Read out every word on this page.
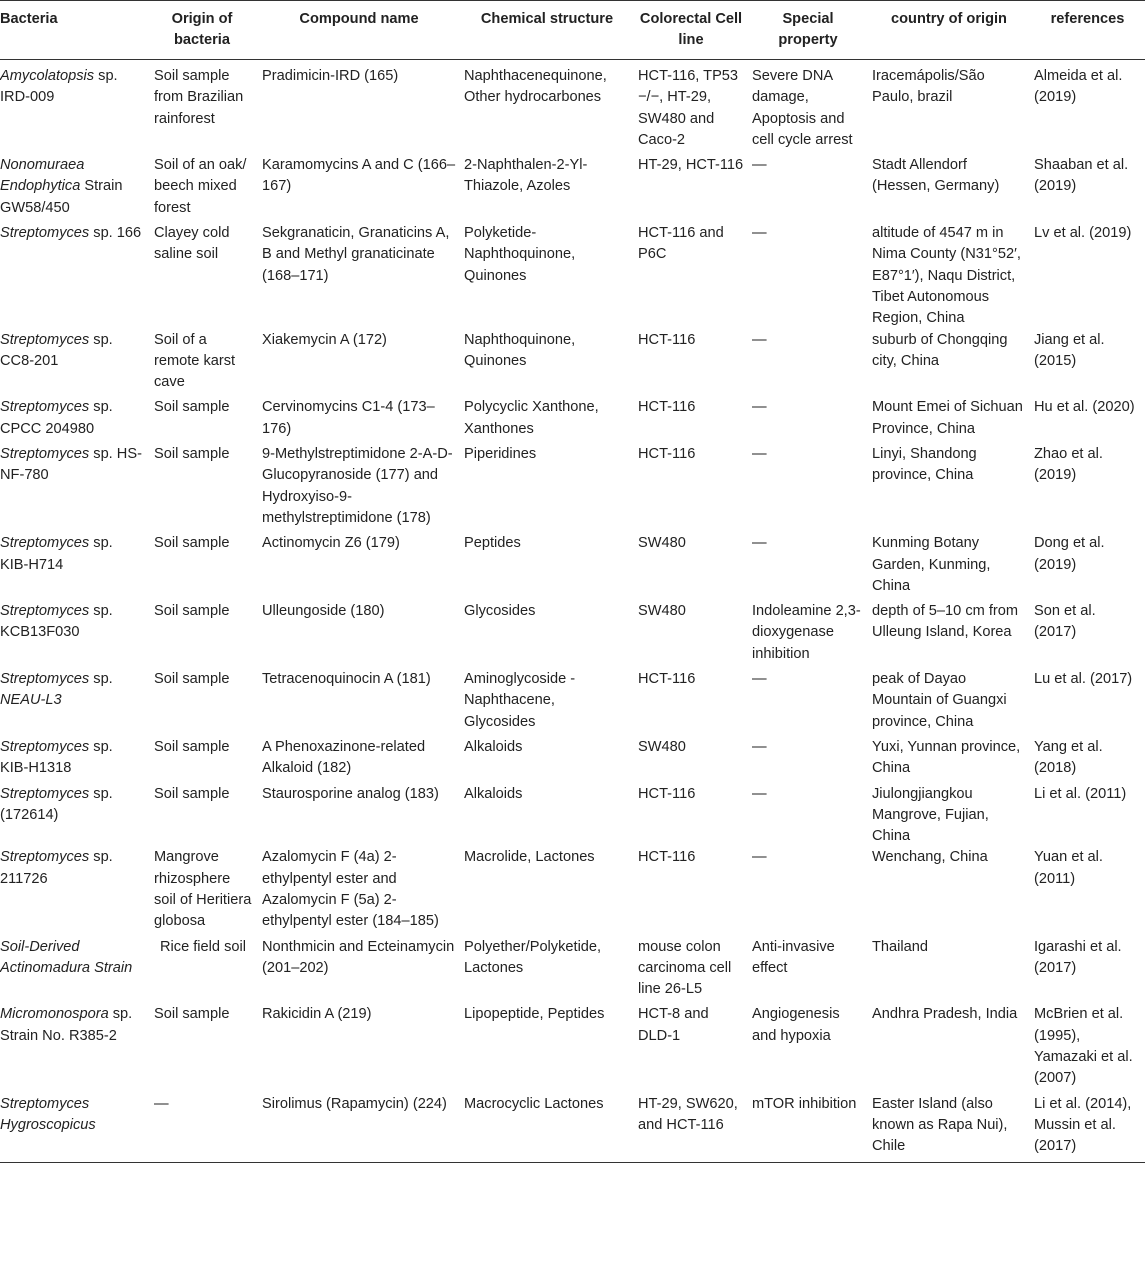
Bacteria	Origin of bacteria	Compound name	Chemical structure	Colorectal Cell line	Special property	country of origin	references
Amycolatopsis sp. IRD-009	Soil sample from Brazilian rainforest	Pradimicin-IRD (165)	Naphthacenequinone, Other hydrocarbones	HCT-116, TP53 −/−, HT-29, SW480 and Caco-2	Severe DNA damage, Apoptosis and cell cycle arrest	Iracemápolis/São Paulo, brazil	Almeida et al. (2019)
Nonomuraea Endophytica Strain GW58/450	Soil of an oak/ beech mixed forest	Karamomycins A and C (166–167)	2-Naphthalen-2-Yl-Thiazole, Azoles	HT-29, HCT-116	—	Stadt Allendorf (Hessen, Germany)	Shaaban et al. (2019)
Streptomyces sp. 166	Clayey cold saline soil	Sekgranaticin, Granaticins A, B and Methyl granaticinate (168–171)	Polyketide-Naphthoquinone, Quinones	HCT-116 and P6C	—	altitude of 4547 m in Nima County (N31°52′, E87°1′), Naqu District, Tibet Autonomous Region, China	Lv et al. (2019)
Streptomyces sp. CC8-201	Soil of a remote karst cave	Xiakemycin A (172)	Naphthoquinone, Quinones	HCT-116	—	suburb of Chongqing city, China	Jiang et al. (2015)
Streptomyces sp. CPCC 204980	Soil sample	Cervinomycins C1-4 (173–176)	Polycyclic Xanthone, Xanthones	HCT-116	—	Mount Emei of Sichuan Province, China	Hu et al. (2020)
Streptomyces sp. HS-NF-780	Soil sample	9-Methylstreptimidone 2-A-D-Glucopyranoside (177) and Hydroxyiso-9-methylstreptimidone (178)	Piperidines	HCT-116	—	Linyi, Shandong province, China	Zhao et al. (2019)
Streptomyces sp. KIB-H714	Soil sample	Actinomycin Z6 (179)	Peptides	SW480	—	Kunming Botany Garden, Kunming, China	Dong et al. (2019)
Streptomyces sp. KCB13F030	Soil sample	Ulleungoside (180)	Glycosides	SW480	Indoleamine 2,3-dioxygenase inhibition	depth of 5–10 cm from Ulleung Island, Korea	Son et al. (2017)
Streptomyces sp. NEAU-L3	Soil sample	Tetracenoquinocin A (181)	Aminoglycoside -Naphthacene, Glycosides	HCT-116	—	peak of Dayao Mountain of Guangxi province, China	Lu et al. (2017)
Streptomyces sp. KIB-H1318	Soil sample	A Phenoxazinone-related Alkaloid (182)	Alkaloids	SW480	—	Yuxi, Yunnan province, China	Yang et al. (2018)
Streptomyces sp. (172614)	Soil sample	Staurosporine analog (183)	Alkaloids	HCT-116	—	Jiulongjiangkou Mangrove, Fujian, China	Li et al. (2011)
Streptomyces sp. 211726	Mangrove rhizosphere soil of Heritiera globosa	Azalomycin F (4a) 2-ethylpentyl ester and Azalomycin F (5a) 2-ethylpentyl ester (184–185)	Macrolide, Lactones	HCT-116	—	Wenchang, China	Yuan et al. (2011)
Soil-Derived Actinomadura Strain	Rice field soil	Nonthmicin and Ecteinamycin (201–202)	Polyether/Polyketide, Lactones	mouse colon carcinoma cell line 26-L5	Anti-invasive effect	Thailand	Igarashi et al. (2017)
Micromonospora sp. Strain No. R385-2	Soil sample	Rakicidin A (219)	Lipopeptide, Peptides	HCT-8 and DLD-1	Angiogenesis and hypoxia	Andhra Pradesh, India	McBrien et al. (1995), Yamazaki et al. (2007)
Streptomyces Hygroscopicus	—	Sirolimus (Rapamycin) (224)	Macrocyclic Lactones	HT-29, SW620, and HCT-116	mTOR inhibition	Easter Island (also known as Rapa Nui), Chile	Li et al. (2014), Mussin et al. (2017)
